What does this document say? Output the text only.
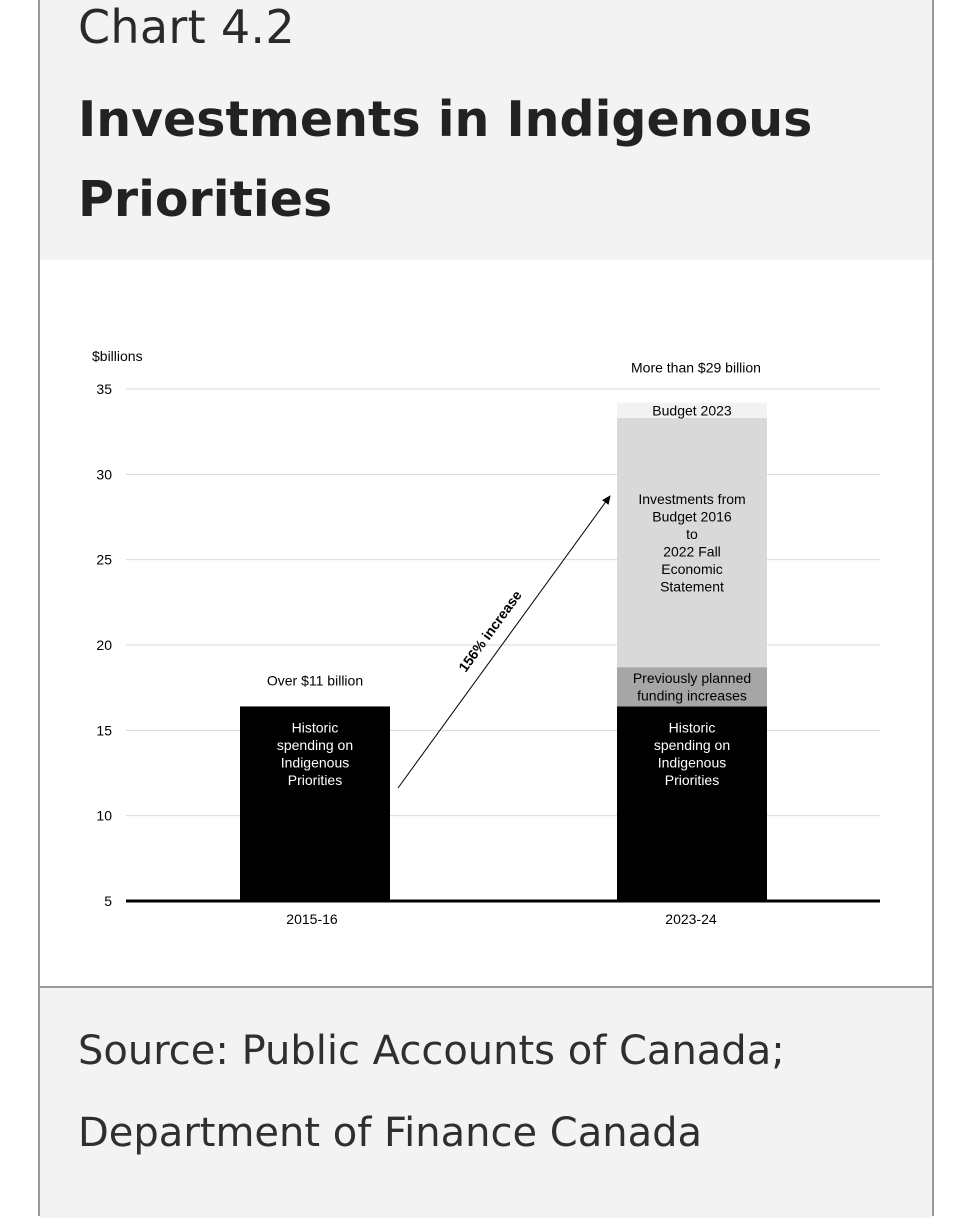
Chart 4.2
Investments in Indigenous Priorities
5
10
15
20
25
30
35
Historic spending on Indigenous Priorities
Over $11 billion
2015-16
Historic spending on Indigenous Priorities
Previously planned funding increases
Investments from Budget 2016 to 2022 Fall Economic Statement
Budget 2023
More than $29 billion
2023-24
156% increase
$billions
Source: Public Accounts of Canada;
Department of Finance Canada
